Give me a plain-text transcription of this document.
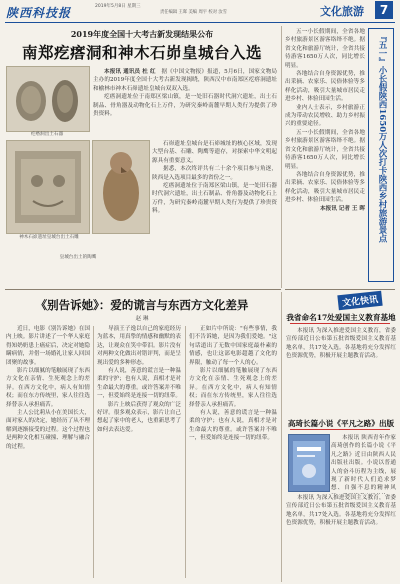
陕西科技报	2019年5月8日 星期三
责任编辑 王晖 美编 周宇 校对 汝雪	文化旅游	7
2019年度全国十大考古新发现结果公布
南郑疙瘩洞和神木石峁皇城台入选
疙瘩洞出土石器
神木石峁遗址皇城台出土石雕
皇城台出土的陶鹰

本报讯 通讯员 杜 红　 据《中国文物报》报道，5月6日，国家文物局主办的2019年度全国十大考古新发现揭晓，陕西汉中市南郑区疙瘩洞遗址和榆林市神木石峁遗址皇城台双双入选。

疙瘩洞遗址位于南郑区梁山镇，是一处旧石器时代洞穴遗址，出土石制品、骨角器及动物化石上万件，为研究秦岭南麓早期人类行为提供了珍贵资料。

石峁遗址皇城台是石峁城址的核心区域，发现大型台基、石雕、陶鹰等遗存，对探索中华文明起源具有重要意义。

据悉，本次终评共有二十余个项目参与角逐，陕西是入选项目最多的省份之一。

疙瘩洞遗址位于南郑区梁山镇，是一处旧石器时代洞穴遗址，出土石制品、骨角器及动物化石上万件，为研究秦岭南麓早期人类行为提供了珍贵资料。

五一小长假期间，全省各地乡村旅游景区游客络绎不绝。据省文化和旅游厅统计，全省共接待游客1650万人次，同比增长明显。

各地结合自身资源优势，推出采摘、农家乐、民俗体验等多样化活动，吸引大量城市居民走进乡村、体验田园生活。

业内人士表示，乡村旅游正成为带动农民增收、助力乡村振兴的重要途径。

五一小长假期间，全省各地乡村旅游景区游客络绎不绝。据省文化和旅游厅统计，全省共接待游客1650万人次，同比增长明显。

各地结合自身资源优势，推出采摘、农家乐、民俗体验等多样化活动，吸引大量城市居民走进乡村、体验田园生活。

本报讯 记者 王 晖 『五一』小长假陕西1650万人次打卡陕西乡村旅游景点
文化快讯
我省命名17处爱国主义教育基地

本报讯 为深入推进爱国主义教育，省委宣传部近日公布第五批省级爱国主义教育基地名单，共17处入选。各基地将充分发挥红色资源优势，积极开展主题教育活动。

高琦长篇小说《平凡之路》出版

本报讯 陕西青年作家高琦创作的长篇小说《平凡之路》近日由陕西人民出版社出版。小说以普通人的奋斗历程为主线，展现了新时代人们追求梦想、自强不息的精神风

本报讯 为深入推进爱国主义教育，省委宣传部近日公布第五批省级爱国主义教育基地名单，共17处入选。各基地将充分发挥红色资源优势，积极开展主题教育活动。

《别告诉她》：爱的谎言与东西方文化差异
赵 琳

近日，电影《别告诉她》在国内上映。影片讲述了一个华人家庭得知奶奶患上癌症后，决定对她隐瞒病情，并借一场婚礼让家人回国团聚的故事。

影片以细腻的笔触展现了东西方文化在亲情、生死观念上的差异。在西方文化中，病人有知情权；而在东方传统里，家人往往选择替亲人承担痛苦。

主人公比莉从小在美国长大，面对家人的决定，她经历了从不理解到逐渐接受的过程。这个过程也是两种文化相互碰撞、理解与融合的过程。

导演王子逸以自己的家庭经历为蓝本，用真挚的情感和幽默的表达，让观众在笑中带泪。影片没有对两种文化做出对错评判，而是呈现出爱的多种形态。

有人说，善意的谎言是一种温柔的守护；也有人说，真相才是对生命最大的尊重。或许答案并不唯一，但爱始终是连接一切的纽带。

影片上映后获得了观众的广泛好评。很多观众表示，影片让自己想起了家中的老人，也重新思考了如何去表达爱。

正如片中所说："有些事情，我们不告诉她，是因为我们爱她。"这句话道出了无数中国家庭最朴素的情感，也让这部电影超越了文化的界限，触动了每一个人的心。

影片以细腻的笔触展现了东西方文化在亲情、生死观念上的差异。在西方文化中，病人有知情权；而在东方传统里，家人往往选择替亲人承担痛苦。

有人说，善意的谎言是一种温柔的守护；也有人说，真相才是对生命最大的尊重。或许答案并不唯一，但爱始终是连接一切的纽带。
